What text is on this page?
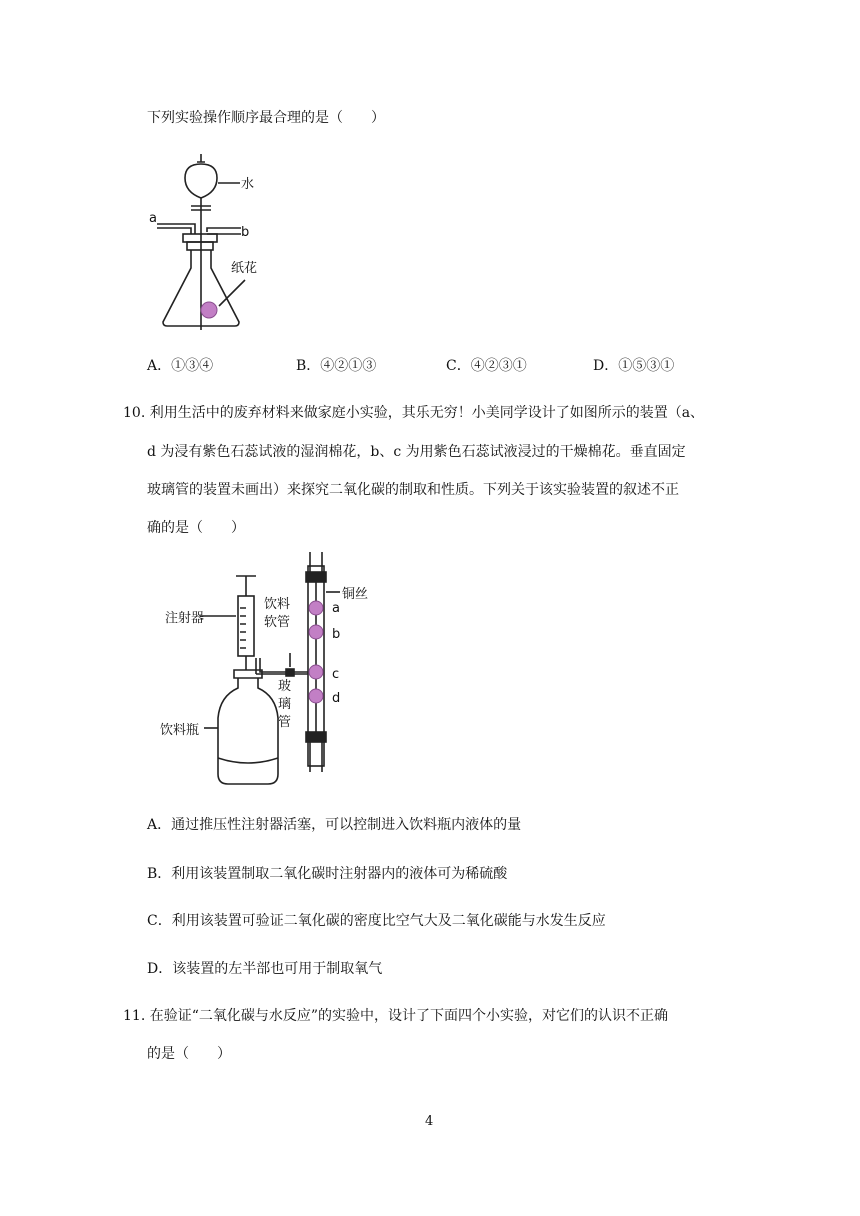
下列实验操作顺序最合理的是（　　）
水
a
b
纸花
A．①③④	B．④②①③	C．④②③①	D．①⑤③①
10. 利用生活中的废弃材料来做家庭小实验，其乐无穷！小美同学设计了如图所示的装置（a、
d 为浸有紫色石蕊试液的湿润棉花，b、c 为用紫色石蕊试液浸过的干燥棉花。垂直固定
玻璃管的装置未画出）来探究二氧化碳的制取和性质。下列关于该实验装置的叙述不正
确的是（　　）
注射器
饮料
软管
铜丝
a
b
c
d
玻
璃
管
饮料瓶
A．通过推压性注射器活塞，可以控制进入饮料瓶内液体的量
B．利用该装置制取二氧化碳时注射器内的液体可为稀硫酸
C．利用该装置可验证二氧化碳的密度比空气大及二氧化碳能与水发生反应
D．该装置的左半部也可用于制取氧气
11. 在验证“二氧化碳与水反应”的实验中，设计了下面四个小实验，对它们的认识不正确
的是（　　）
4
